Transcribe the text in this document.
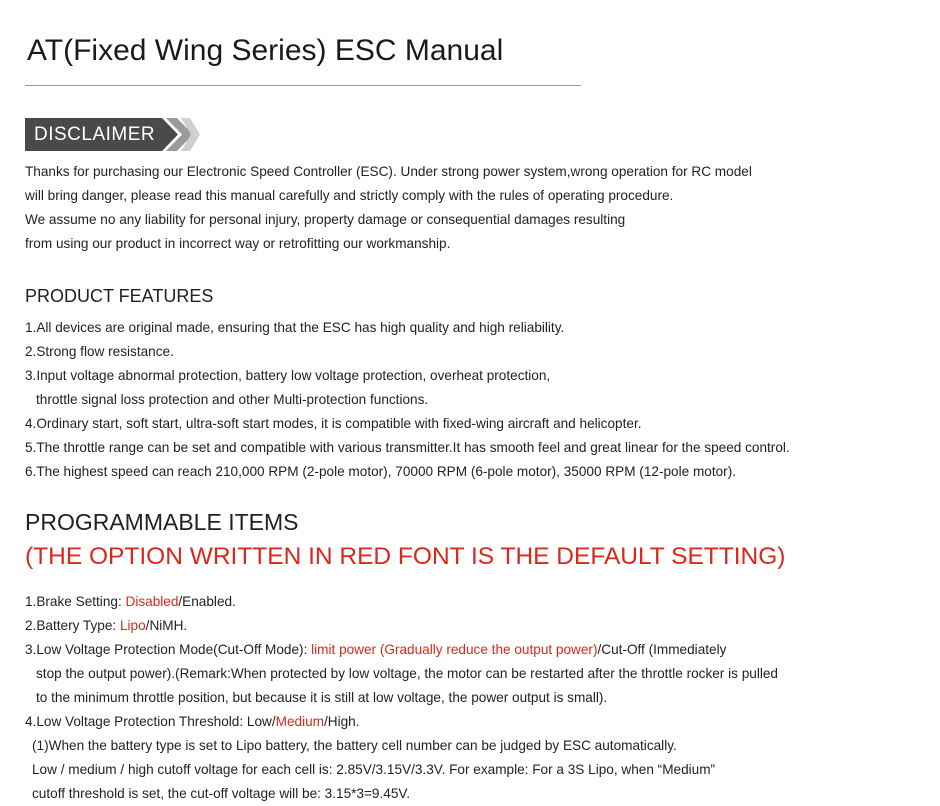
AT(Fixed Wing Series) ESC Manual
DISCLAIMER
Thanks for purchasing our Electronic Speed Controller (ESC). Under strong power system,wrong operation for RC model
will bring danger, please read this manual carefully and strictly comply with the rules of operating procedure.
We assume no any liability for personal injury, property damage or consequential damages resulting
from using our product in incorrect way or retrofitting our workmanship.
PRODUCT FEATURES
1.All devices are original made, ensuring that the ESC has high quality and high reliability.
2.Strong flow resistance.
3.Input voltage abnormal protection, battery low voltage protection, overheat protection,
throttle signal loss protection and other Multi-protection functions.
4.Ordinary start, soft start, ultra-soft start modes, it is compatible with fixed-wing aircraft and helicopter.
5.The throttle range can be set and compatible with various transmitter.It has smooth feel and great linear for the speed control.
6.The highest speed can reach 210,000 RPM (2-pole motor), 70000 RPM (6-pole motor), 35000 RPM (12-pole motor).
PROGRAMMABLE ITEMS
(THE OPTION WRITTEN IN RED FONT IS THE DEFAULT SETTING)
1.Brake Setting: Disabled/Enabled.
2.Battery Type: Lipo/NiMH.
3.Low Voltage Protection Mode(Cut-Off Mode): limit power (Gradually reduce the output power)/Cut-Off (Immediately
stop the output power).(Remark:When protected by low voltage, the motor can be restarted after the throttle rocker is pulled
to the minimum throttle position, but because it is still at low voltage, the power output is small).
4.Low Voltage Protection Threshold: Low/Medium/High.
(1)When the battery type is set to Lipo battery, the battery cell number can be judged by ESC automatically.
Low / medium / high cutoff voltage for each cell is: 2.85V/3.15V/3.3V. For example: For a 3S Lipo, when “Medium”
cutoff threshold is set, the cut-off voltage will be: 3.15*3=9.45V.
